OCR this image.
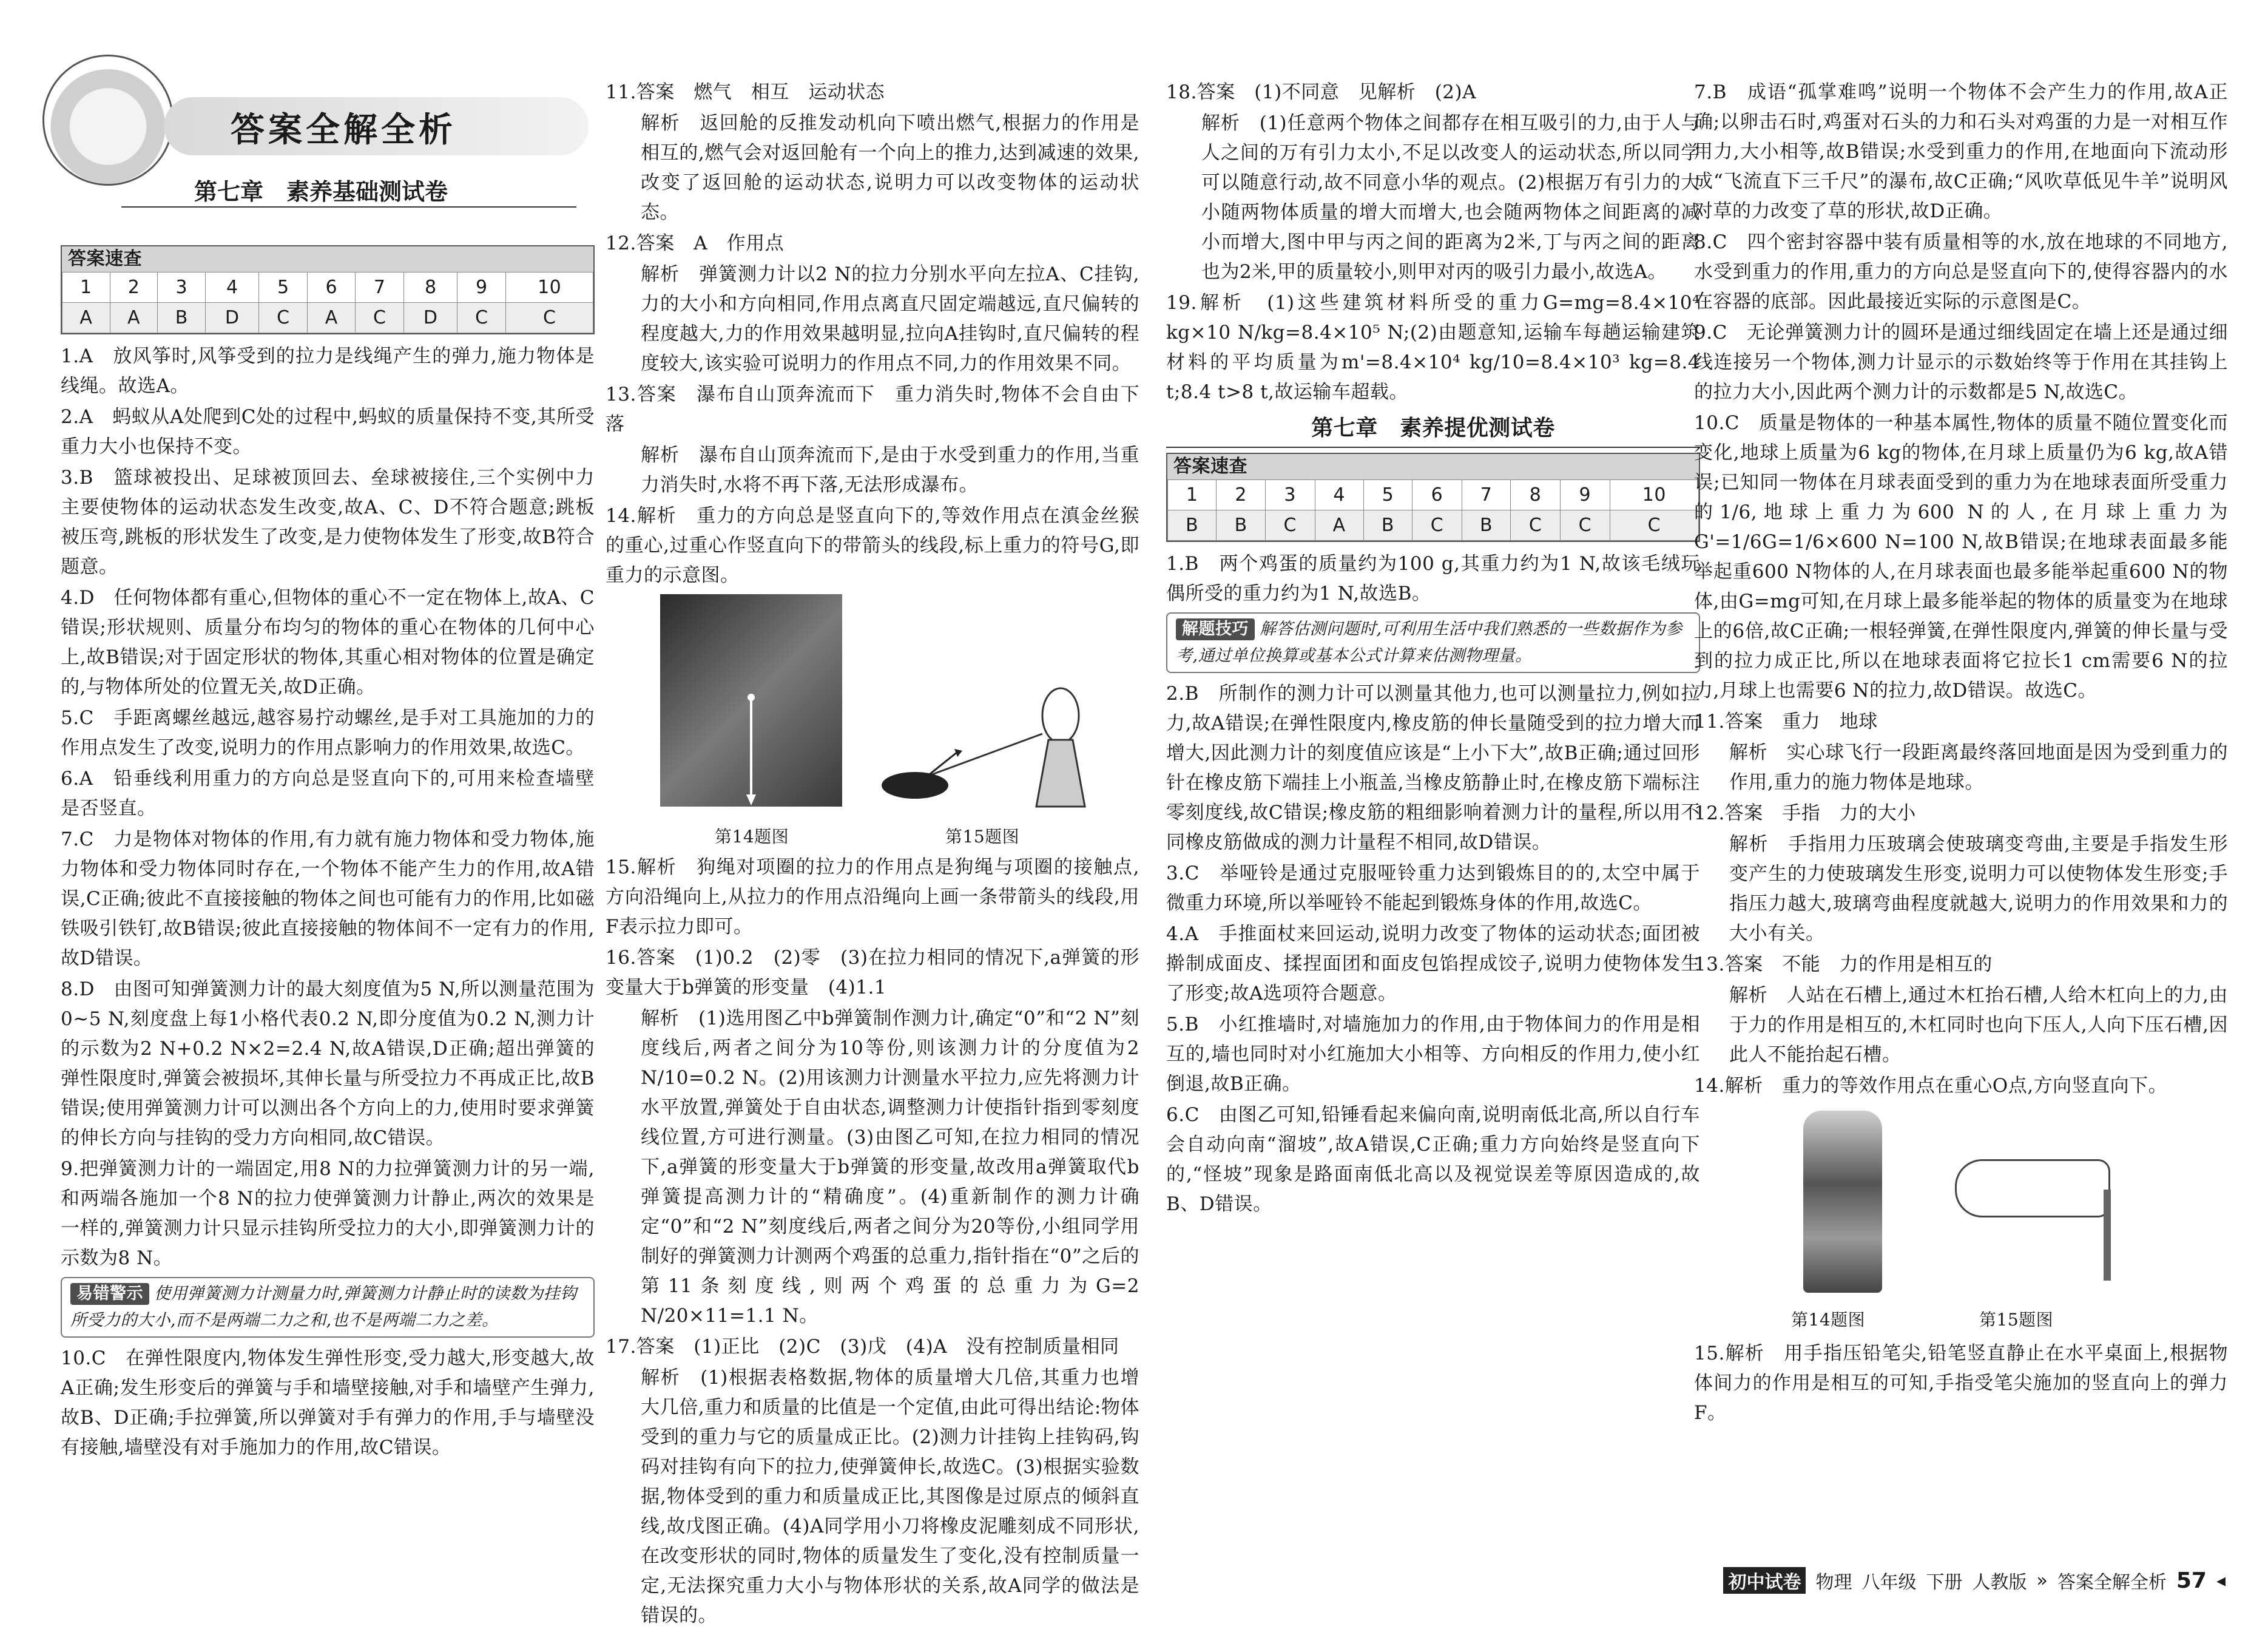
答案全解全析
第七章　素养基础测试卷
答案速查
1	2	3	4	5	6	7	8	9	10
A	A	B	D	C	A	C	D	C	C

1.A　放风筝时,风筝受到的拉力是线绳产生的弹力,施力物体是线绳。故选A。

2.A　蚂蚁从A处爬到C处的过程中,蚂蚁的质量保持不变,其所受重力大小也保持不变。

3.B　篮球被投出、足球被顶回去、垒球被接住,三个实例中力主要使物体的运动状态发生改变,故A、C、D不符合题意;跳板被压弯,跳板的形状发生了改变,是力使物体发生了形变,故B符合题意。

4.D　任何物体都有重心,但物体的重心不一定在物体上,故A、C错误;形状规则、质量分布均匀的物体的重心在物体的几何中心上,故B错误;对于固定形状的物体,其重心相对物体的位置是确定的,与物体所处的位置无关,故D正确。

5.C　手距离螺丝越远,越容易拧动螺丝,是手对工具施加的力的作用点发生了改变,说明力的作用点影响力的作用效果,故选C。

6.A　铅垂线利用重力的方向总是竖直向下的,可用来检查墙壁是否竖直。

7.C　力是物体对物体的作用,有力就有施力物体和受力物体,施力物体和受力物体同时存在,一个物体不能产生力的作用,故A错误,C正确;彼此不直接接触的物体之间也可能有力的作用,比如磁铁吸引铁钉,故B错误;彼此直接接触的物体间不一定有力的作用,故D错误。

8.D　由图可知弹簧测力计的最大刻度值为5 N,所以测量范围为0~5 N,刻度盘上每1小格代表0.2 N,即分度值为0.2 N,测力计的示数为2 N+0.2 N×2=2.4 N,故A错误,D正确;超出弹簧的弹性限度时,弹簧会被损坏,其伸长量与所受拉力不再成正比,故B错误;使用弹簧测力计可以测出各个方向上的力,使用时要求弹簧的伸长方向与挂钩的受力方向相同,故C错误。

9.把弹簧测力计的一端固定,用8 N的力拉弹簧测力计的另一端,和两端各施加一个8 N的拉力使弹簧测力计静止,两次的效果是一样的,弹簧测力计只显示挂钩所受拉力的大小,即弹簧测力计的示数为8 N。

易错警示 使用弹簧测力计测量力时,弹簧测力计静止时的读数为挂钩所受力的大小,而不是两端二力之和,也不是两端二力之差。

10.C　在弹性限度内,物体发生弹性形变,受力越大,形变越大,故A正确;发生形变后的弹簧与手和墙壁接触,对手和墙壁产生弹力,故B、D正确;手拉弹簧,所以弹簧对手有弹力的作用,手与墙壁没有接触,墙壁没有对手施加力的作用,故C错误。

11.答案　燃气　相互　运动状态

解析　返回舱的反推发动机向下喷出燃气,根据力的作用是相互的,燃气会对返回舱有一个向上的推力,达到减速的效果,改变了返回舱的运动状态,说明力可以改变物体的运动状态。

12.答案　A　作用点

解析　弹簧测力计以2 N的拉力分别水平向左拉A、C挂钩,力的大小和方向相同,作用点离直尺固定端越远,直尺偏转的程度越大,力的作用效果越明显,拉向A挂钩时,直尺偏转的程度较大,该实验可说明力的作用点不同,力的作用效果不同。

13.答案　瀑布自山顶奔流而下　重力消失时,物体不会自由下落

解析　瀑布自山顶奔流而下,是由于水受到重力的作用,当重力消失时,水将不再下落,无法形成瀑布。

14.解析　重力的方向总是竖直向下的,等效作用点在滇金丝猴的重心,过重心作竖直向下的带箭头的线段,标上重力的符号G,即重力的示意图。

第14题图	第15题图

15.解析　狗绳对项圈的拉力的作用点是狗绳与项圈的接触点,方向沿绳向上,从拉力的作用点沿绳向上画一条带箭头的线段,用F表示拉力即可。

16.答案　(1)0.2　(2)零　(3)在拉力相同的情况下,a弹簧的形变量大于b弹簧的形变量　(4)1.1

解析　(1)选用图乙中b弹簧制作测力计,确定“0”和“2 N”刻度线后,两者之间分为10等份,则该测力计的分度值为2 N/10=0.2 N。(2)用该测力计测量水平拉力,应先将测力计水平放置,弹簧处于自由状态,调整测力计使指针指到零刻度线位置,方可进行测量。(3)由图乙可知,在拉力相同的情况下,a弹簧的形变量大于b弹簧的形变量,故改用a弹簧取代b弹簧提高测力计的“精确度”。(4)重新制作的测力计确定“0”和“2 N”刻度线后,两者之间分为20等份,小组同学用制好的弹簧测力计测两个鸡蛋的总重力,指针指在“0”之后的第11条刻度线,则两个鸡蛋的总重力为G=2 N/20×11=1.1 N。

17.答案　(1)正比　(2)C　(3)戊　(4)A　没有控制质量相同

解析　(1)根据表格数据,物体的质量增大几倍,其重力也增大几倍,重力和质量的比值是一个定值,由此可得出结论:物体受到的重力与它的质量成正比。(2)测力计挂钩上挂钩码,钩码对挂钩有向下的拉力,使弹簧伸长,故选C。(3)根据实验数据,物体受到的重力和质量成正比,其图像是过原点的倾斜直线,故戊图正确。(4)A同学用小刀将橡皮泥雕刻成不同形状,在改变形状的同时,物体的质量发生了变化,没有控制质量一定,无法探究重力大小与物体形状的关系,故A同学的做法是错误的。

18.答案　(1)不同意　见解析　(2)A

解析　(1)任意两个物体之间都存在相互吸引的力,由于人与人之间的万有引力太小,不足以改变人的运动状态,所以同学可以随意行动,故不同意小华的观点。(2)根据万有引力的大小随两物体质量的增大而增大,也会随两物体之间距离的减小而增大,图中甲与丙之间的距离为2米,丁与丙之间的距离也为2米,甲的质量较小,则甲对丙的吸引力最小,故选A。

19.解析　(1)这些建筑材料所受的重力G=mg=8.4×10⁴ kg×10 N/kg=8.4×10⁵ N;(2)由题意知,运输车每趟运输建筑材料的平均质量为m'=8.4×10⁴ kg/10=8.4×10³ kg=8.4 t;8.4 t>8 t,故运输车超载。

第七章　素养提优测试卷
答案速查
1	2	3	4	5	6	7	8	9	10
B	B	C	A	B	C	B	C	C	C

1.B　两个鸡蛋的质量约为100 g,其重力约为1 N,故该毛绒玩偶所受的重力约为1 N,故选B。

解题技巧 解答估测问题时,可利用生活中我们熟悉的一些数据作为参考,通过单位换算或基本公式计算来估测物理量。

2.B　所制作的测力计可以测量其他力,也可以测量拉力,例如拉力,故A错误;在弹性限度内,橡皮筋的伸长量随受到的拉力增大而增大,因此测力计的刻度值应该是“上小下大”,故B正确;通过回形针在橡皮筋下端挂上小瓶盖,当橡皮筋静止时,在橡皮筋下端标注零刻度线,故C错误;橡皮筋的粗细影响着测力计的量程,所以用不同橡皮筋做成的测力计量程不相同,故D错误。

3.C　举哑铃是通过克服哑铃重力达到锻炼目的的,太空中属于微重力环境,所以举哑铃不能起到锻炼身体的作用,故选C。

4.A　手推面杖来回运动,说明力改变了物体的运动状态;面团被擀制成面皮、揉捏面团和面皮包馅捏成饺子,说明力使物体发生了形变;故A选项符合题意。

5.B　小红推墙时,对墙施加力的作用,由于物体间力的作用是相互的,墙也同时对小红施加大小相等、方向相反的作用力,使小红倒退,故B正确。

6.C　由图乙可知,铅锤看起来偏向南,说明南低北高,所以自行车会自动向南“溜坡”,故A错误,C正确;重力方向始终是竖直向下的,“怪坡”现象是路面南低北高以及视觉误差等原因造成的,故B、D错误。

7.B　成语“孤掌难鸣”说明一个物体不会产生力的作用,故A正确;以卵击石时,鸡蛋对石头的力和石头对鸡蛋的力是一对相互作用力,大小相等,故B错误;水受到重力的作用,在地面向下流动形成“飞流直下三千尺”的瀑布,故C正确;“风吹草低见牛羊”说明风对草的力改变了草的形状,故D正确。

8.C　四个密封容器中装有质量相等的水,放在地球的不同地方,水受到重力的作用,重力的方向总是竖直向下的,使得容器内的水在容器的底部。因此最接近实际的示意图是C。

9.C　无论弹簧测力计的圆环是通过细线固定在墙上还是通过细线连接另一个物体,测力计显示的示数始终等于作用在其挂钩上的拉力大小,因此两个测力计的示数都是5 N,故选C。

10.C　质量是物体的一种基本属性,物体的质量不随位置变化而变化,地球上质量为6 kg的物体,在月球上质量仍为6 kg,故A错误;已知同一物体在月球表面受到的重力为在地球表面所受重力的1/6,地球上重力为600 N的人,在月球上重力为G'=1/6G=1/6×600 N=100 N,故B错误;在地球表面最多能举起重600 N物体的人,在月球表面也最多能举起重600 N的物体,由G=mg可知,在月球上最多能举起的物体的质量变为在地球上的6倍,故C正确;一根轻弹簧,在弹性限度内,弹簧的伸长量与受到的拉力成正比,所以在地球表面将它拉长1 cm需要6 N的拉力,月球上也需要6 N的拉力,故D错误。故选C。

11.答案　重力　地球

解析　实心球飞行一段距离最终落回地面是因为受到重力的作用,重力的施力物体是地球。

12.答案　手指　力的大小

解析　手指用力压玻璃会使玻璃变弯曲,主要是手指发生形变产生的力使玻璃发生形变,说明力可以使物体发生形变;手指压力越大,玻璃弯曲程度就越大,说明力的作用效果和力的大小有关。

13.答案　不能　力的作用是相互的

解析　人站在石槽上,通过木杠抬石槽,人给木杠向上的力,由于力的作用是相互的,木杠同时也向下压人,人向下压石槽,因此人不能抬起石槽。

14.解析　重力的等效作用点在重心O点,方向竖直向下。

第14题图	第15题图

15.解析　用手指压铅笔尖,铅笔竖直静止在水平桌面上,根据物体间力的作用是相互的可知,手指受笔尖施加的竖直向上的弹力F。

初中试卷 物理 八年级 下册 人教版 » 答案全解全析 57 ◂
